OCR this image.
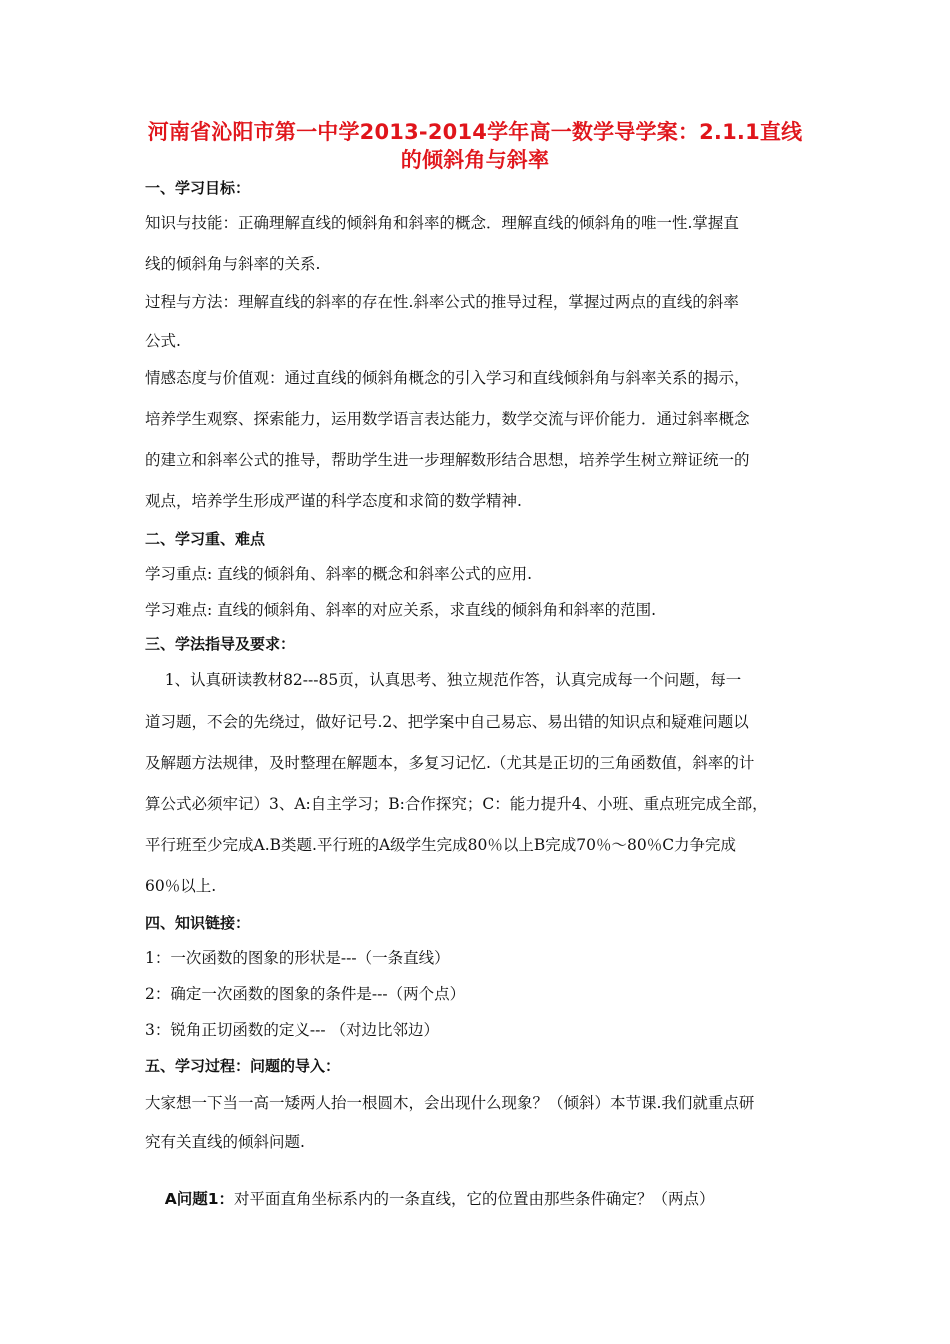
河南省沁阳市第一中学2013-2014学年高一数学导学案：2.1.1直线
的倾斜角与斜率
一、学习目标：
知识与技能：正确理解直线的倾斜角和斜率的概念．理解直线的倾斜角的唯一性.掌握直
线的倾斜角与斜率的关系.
过程与方法：理解直线的斜率的存在性.斜率公式的推导过程，掌握过两点的直线的斜率
公式.
情感态度与价值观：通过直线的倾斜角概念的引入学习和直线倾斜角与斜率关系的揭示，
培养学生观察、探索能力，运用数学语言表达能力，数学交流与评价能力．通过斜率概念
的建立和斜率公式的推导，帮助学生进一步理解数形结合思想，培养学生树立辩证统一的
观点，培养学生形成严谨的科学态度和求简的数学精神.
二、学习重、难点
学习重点: 直线的倾斜角、斜率的概念和斜率公式的应用.
学习难点: 直线的倾斜角、斜率的对应关系，求直线的倾斜角和斜率的范围.
三、学法指导及要求：
1、认真研读教材82---85页，认真思考、独立规范作答，认真完成每一个问题，每一
道习题，不会的先绕过，做好记号.2、把学案中自己易忘、易出错的知识点和疑难问题以
及解题方法规律，及时整理在解题本，多复习记忆.（尤其是正切的三角函数值，斜率的计
算公式必须牢记）3、A:自主学习；B:合作探究；C：能力提升4、小班、重点班完成全部，
平行班至少完成A.B类题.平行班的A级学生完成80％以上B完成70％～80％C力争完成
60％以上.
四、知识链接：
1：一次函数的图象的形状是---（一条直线）
2：确定一次函数的图象的条件是---（两个点）
3：锐角正切函数的定义--- （对边比邻边）
五、学习过程：问题的导入：
大家想一下当一高一矮两人抬一根圆木，会出现什么现象？（倾斜）本节课.我们就重点研
究有关直线的倾斜问题.

A问题1：对平面直角坐标系内的一条直线，它的位置由那些条件确定？（两点）
